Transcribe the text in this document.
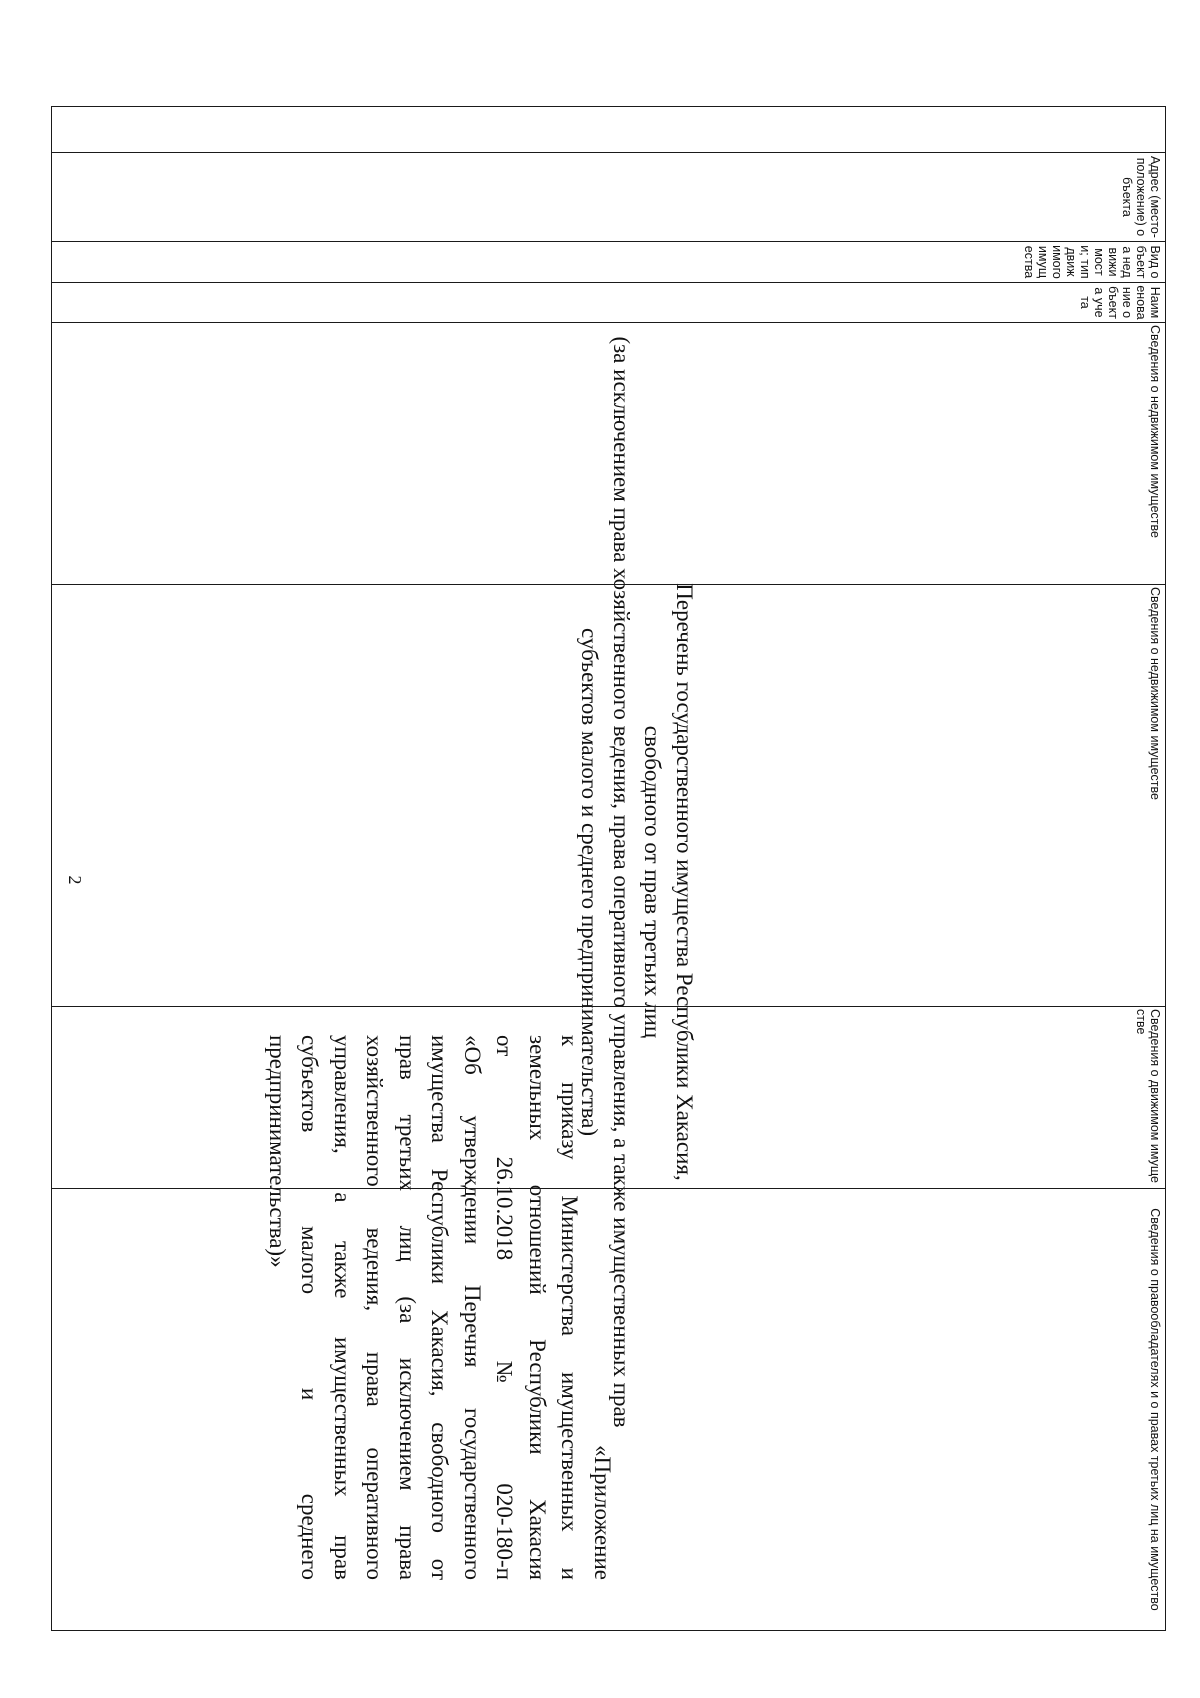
2

«Приложение

к приказу Министерства имущественных и

земельных отношений Республики Хакасия

от
26.10.2018
№
020-180-п

«Об утверждении Перечня государственного

имущества Республики Хакасия, свободного от

прав третьих лиц (за исключением права

хозяйственного ведения, права оперативного

управления, а также имущественных прав

субъектов
малого
и
среднего

предпринимательства)»	Перечень государственного имущества Республики Хакасия,
свободного от прав третьих лиц
(за исключением права хозяйственного ведения, права оперативного управления, а также имущественных прав
субъектов малого и среднего предпринимательства)
	Адрес (место-положение) объекта	Вид объекта недвижимости; тип движимого имущества	Наименование объекта учета	Сведения о недвижимом имуществе	Сведения о недвижимом имуществе	Сведения о движимом имуществе	Сведения о правообладателях и о правах третьих лиц на имущество
